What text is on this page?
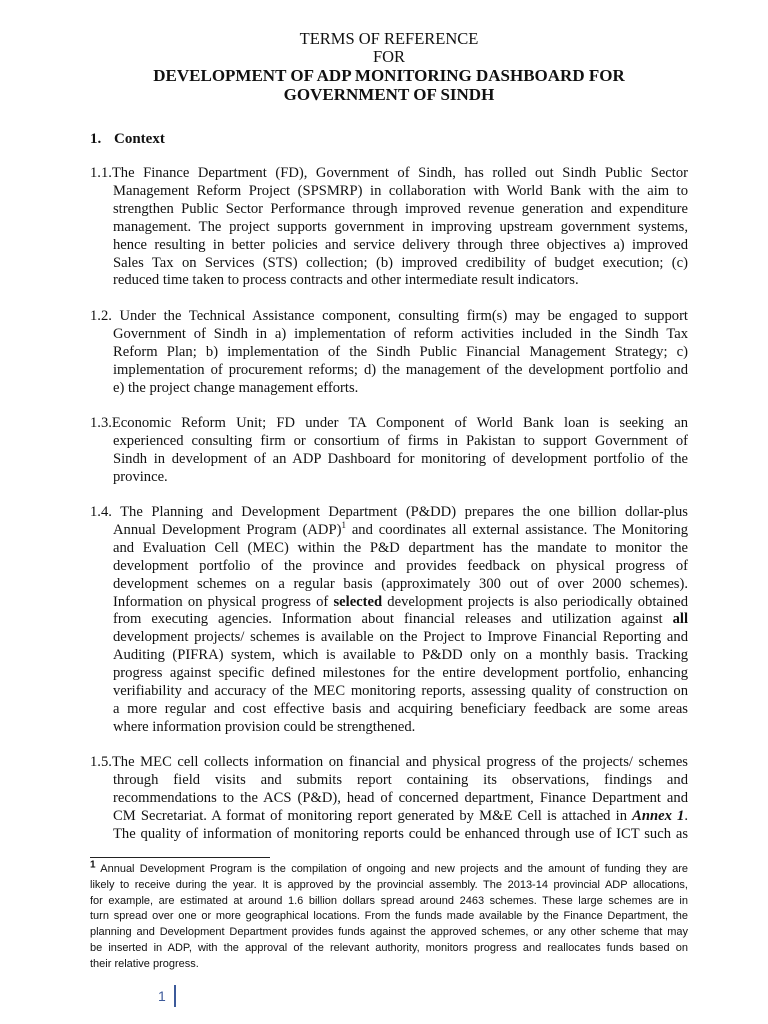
TERMS OF REFERENCE
FOR
DEVELOPMENT OF ADP MONITORING DASHBOARD FOR
GOVERNMENT OF SINDH
1. Context
1.1.The Finance Department (FD), Government of Sindh, has rolled out Sindh Public Sector
Management Reform Project (SPSMRP) in collaboration with World Bank with the aim to
strengthen Public Sector Performance through improved revenue generation and expenditure
management. The project supports government in improving upstream government systems,
hence resulting in better policies and service delivery through three objectives a) improved
Sales Tax on Services (STS) collection; (b) improved credibility of budget execution; (c)
reduced time taken to process contracts and other intermediate result indicators.
1.2. Under the Technical Assistance component, consulting firm(s) may be engaged to support
Government of Sindh in a) implementation of reform activities included in the Sindh Tax
Reform Plan; b) implementation of the Sindh Public Financial Management Strategy; c)
implementation of procurement reforms; d) the management of the development portfolio and
e) the project change management efforts.
1.3.Economic Reform Unit; FD under TA Component of World Bank loan is seeking an
experienced consulting firm or consortium of firms in Pakistan to support Government of
Sindh in development of an ADP Dashboard for monitoring of development portfolio of the
province.
1.4. The Planning and Development Department (P&DD) prepares the one billion dollar-plus
Annual Development Program (ADP)$^1$ and coordinates all external assistance. The Monitoring
and Evaluation Cell (MEC) within the P&D department has the mandate to monitor the
development portfolio of the province and provides feedback on physical progress of
development schemes on a regular basis (approximately 300 out of over 2000 schemes).
Information on physical progress of selected development projects is also periodically obtained
from executing agencies. Information about financial releases and utilization against all
development projects/ schemes is available on the Project to Improve Financial Reporting and
Auditing (PIFRA) system, which is available to P&DD only on a monthly basis. Tracking
progress against specific defined milestones for the entire development portfolio, enhancing
verifiability and accuracy of the MEC monitoring reports, assessing quality of construction on
a more regular and cost effective basis and acquiring beneficiary feedback are some areas
where information provision could be strengthened.
1.5.The MEC cell collects information on financial and physical progress of the projects/ schemes
through field visits and submits report containing its observations, findings and
recommendations to the ACS (P&D), head of concerned department, Finance Department and
CM Secretariat. A format of monitoring report generated by M&E Cell is attached in Annex 1.
The quality of information of monitoring reports could be enhanced through use of ICT such as
1 Annual Development Program is the compilation of ongoing and new projects and the amount of funding they are
likely to receive during the year. It is approved by the provincial assembly. The 2013-14 provincial ADP allocations,
for example, are estimated at around 1.6 billion dollars spread around 2463 schemes. These large schemes are in
turn spread over one or more geographical locations. From the funds made available by the Finance Department, the
planning and Development Department provides funds against the approved schemes, or any other scheme that may
be inserted in ADP, with the approval of the relevant authority, monitors progress and reallocates funds based on
their relative progress.
1
